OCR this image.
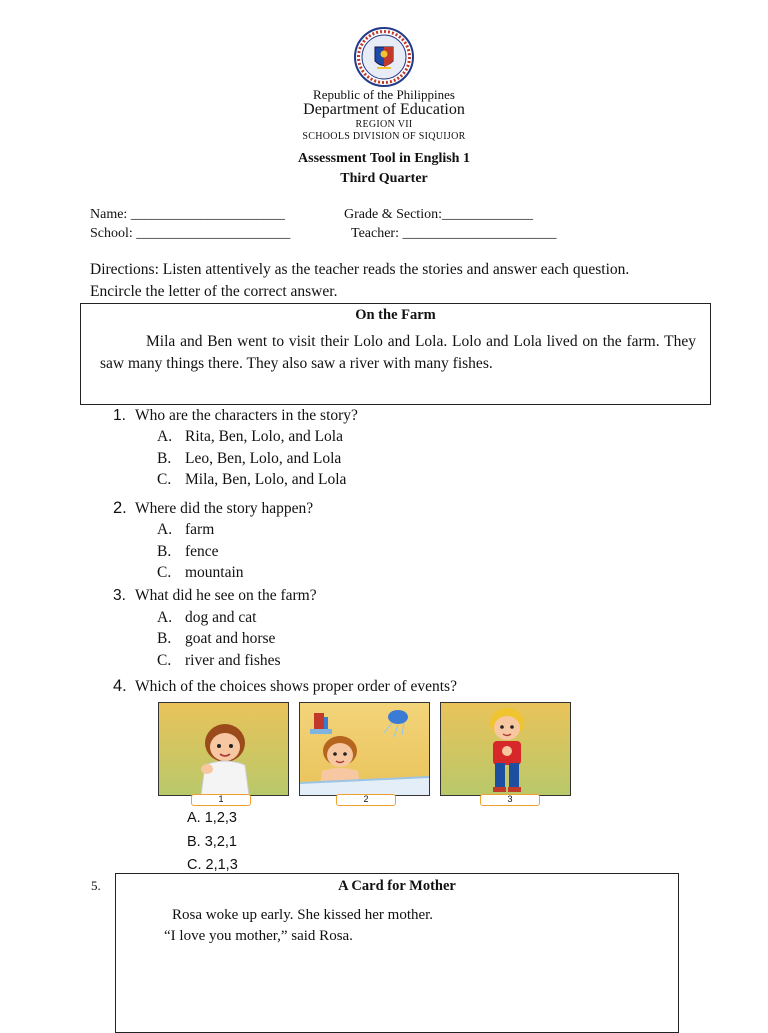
Republic of the Philippines
Department of Education
REGION VII
SCHOOLS DIVISION OF SIQUIJOR
Assessment Tool in English 1
Third Quarter
Name: ______________________	Grade & Section:_____________
School: ______________________	Teacher: ______________________
Directions: Listen attentively as the teacher reads the stories and answer each question. Encircle the letter of the correct answer.
On the Farm
Mila and Ben went to visit their Lolo and Lola. Lolo and Lola lived on the farm. They saw many things there. They also saw a river with many fishes.
1. Who are the characters in the story?
A. Rita, Ben, Lolo, and Lola
B. Leo, Ben, Lolo, and Lola
C. Mila, Ben, Lolo, and Lola
2. Where did the story happen?
A. farm
B. fence
C. mountain
3. What did he see on the farm?
A. dog and cat
B. goat and horse
C. river and fishes
4. Which of the choices shows proper order of events?
1	2	3
A. 1,2,3
B. 3,2,1
C. 2,1,3
5.	A Card for Mother
Rosa woke up early. She kissed her mother.
“I love you mother,” said Rosa.
